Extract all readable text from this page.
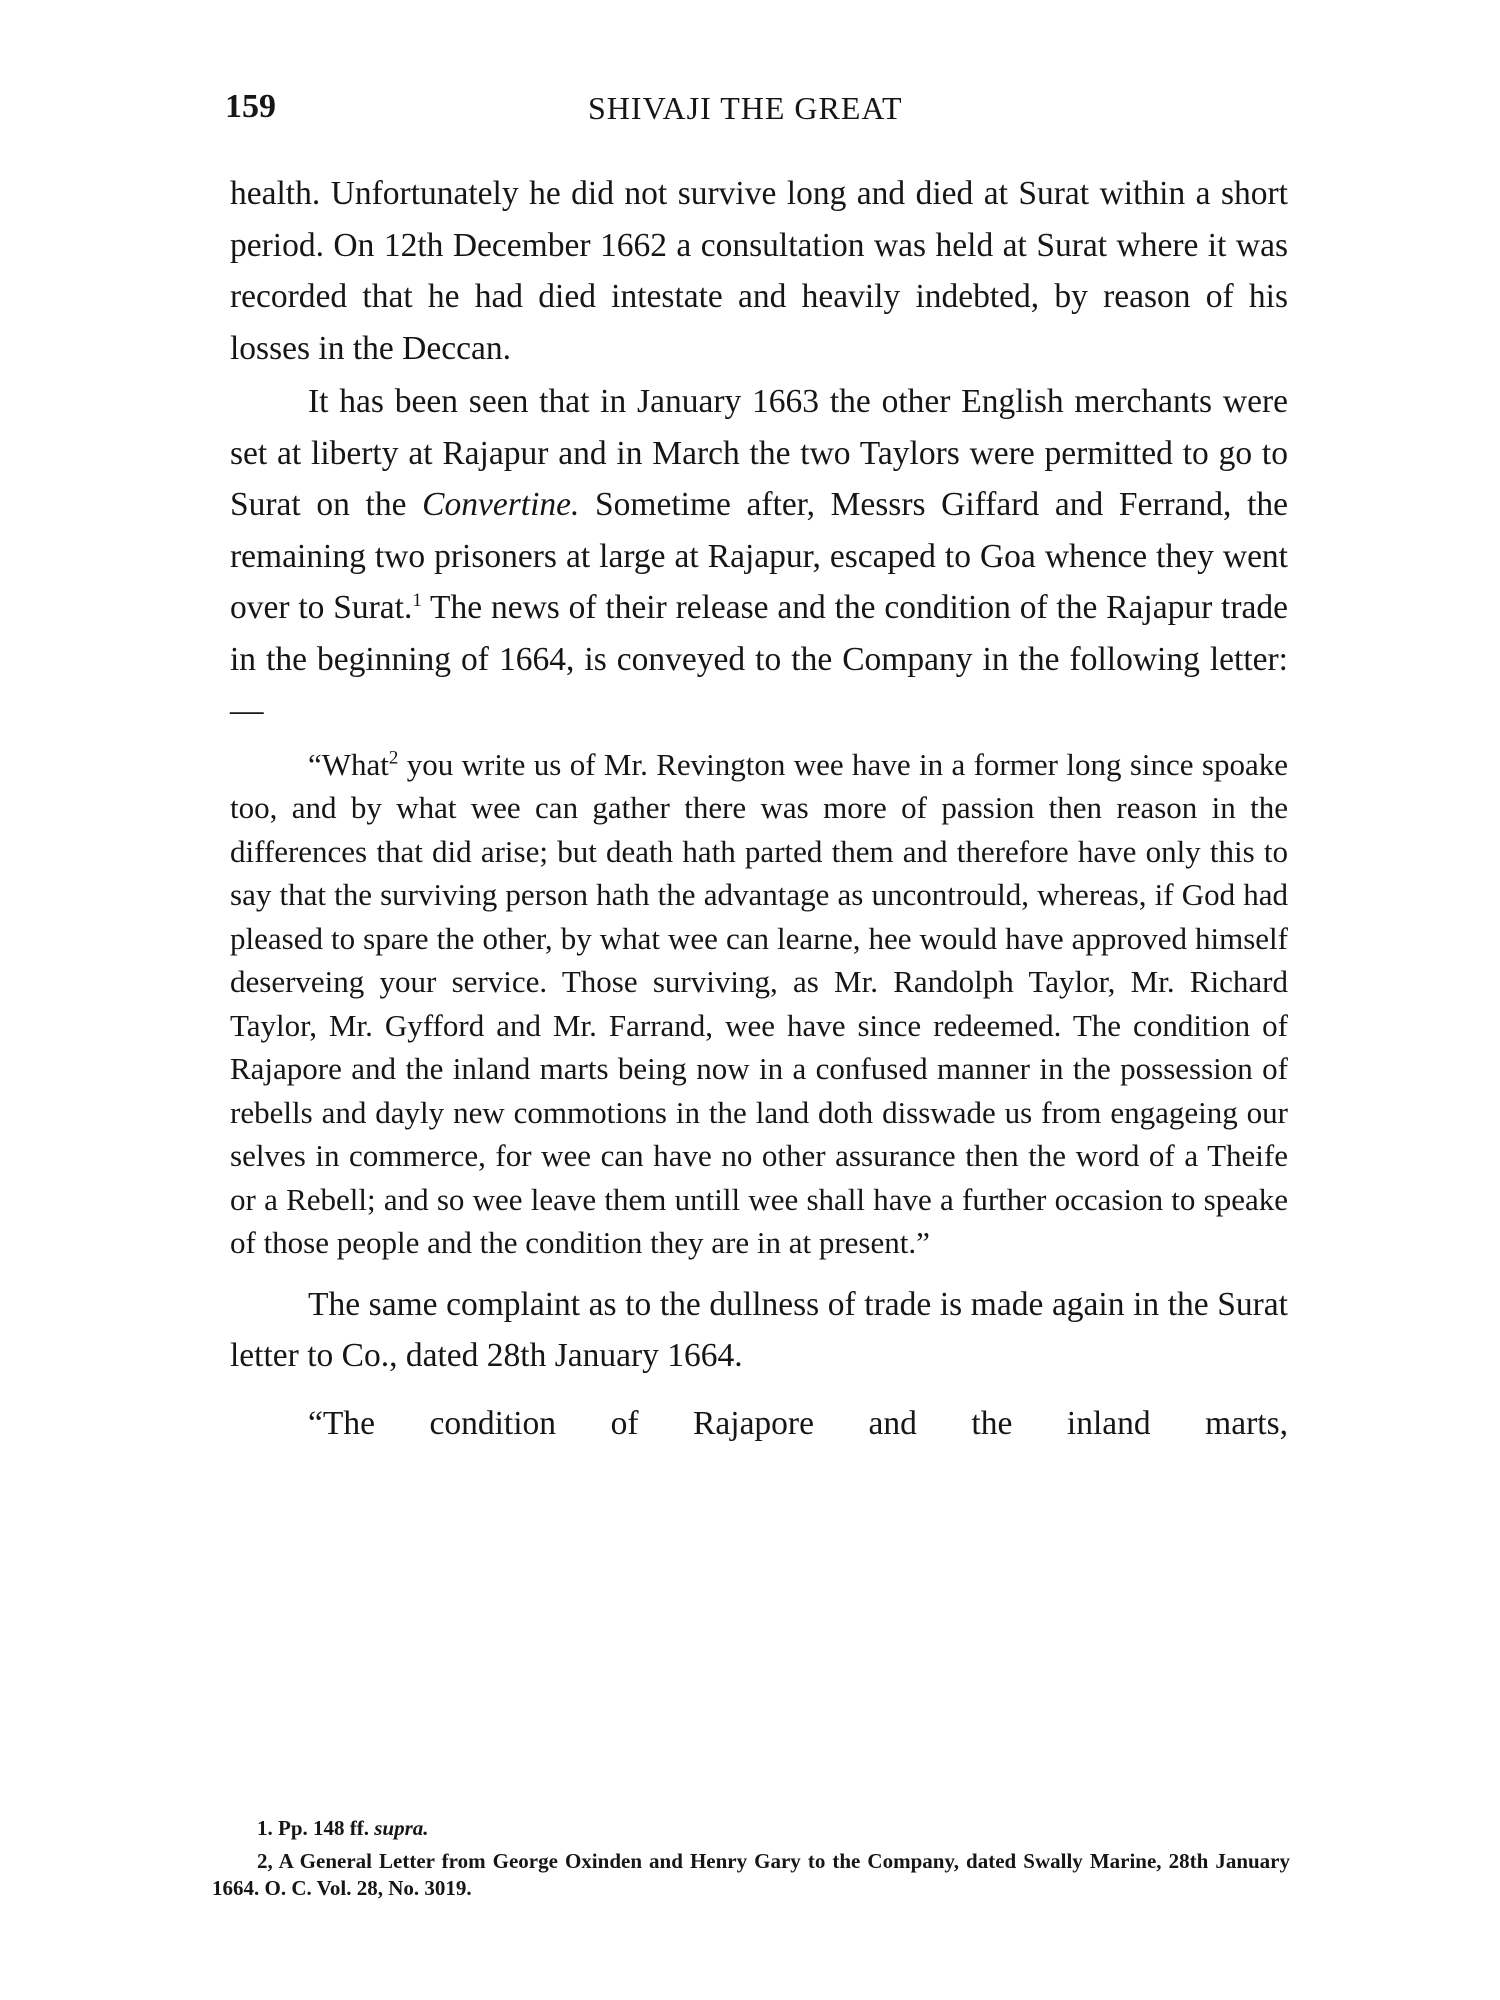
159	SHIVAJI THE GREAT

health. Unfortunately he did not survive long and died at Surat within a short period. On 12th December 1662 a consultation was held at Surat where it was recorded that he had died intestate and heavily indebted, by reason of his losses in the Deccan.

It has been seen that in January 1663 the other English merchants were set at liberty at Rajapur and in March the two Taylors were permitted to go to Surat on the Convertine. Sometime after, Messrs Giffard and Ferrand, the remaining two prisoners at large at Rajapur, escaped to Goa whence they went over to Surat.$^1$ The news of their release and the condition of the Rajapur trade in the beginning of 1664, is conveyed to the Company in the following letter:—

“What$^2$ you write us of Mr. Revington wee have in a former long since spoake too, and by what wee can gather there was more of passion then reason in the differences that did arise; but death hath parted them and therefore have only this to say that the surviving person hath the advantage as uncontrould, whereas, if God had pleased to spare the other, by what wee can learne, hee would have approved himself deserveing your service. Those surviving, as Mr. Randolph Taylor, Mr. Richard Taylor, Mr. Gyfford and Mr. Farrand, wee have since redeemed. The condition of Rajapore and the inland marts being now in a confused manner in the possession of rebells and dayly new commotions in the land doth disswade us from engageing our selves in commerce, for wee can have no other assurance then the word of a Theife or a Rebell; and so wee leave them untill wee shall have a further occasion to speake of those people and the condition they are in at present.”

The same complaint as to the dullness of trade is made again in the Surat letter to Co., dated 28th January 1664.

“The condition of Rajapore and the inland marts,

1. Pp. 148 ff. supra.

2, A General Letter from George Oxinden and Henry Gary to the Company, dated Swally Marine, 28th January 1664. O. C. Vol. 28, No. 3019.
